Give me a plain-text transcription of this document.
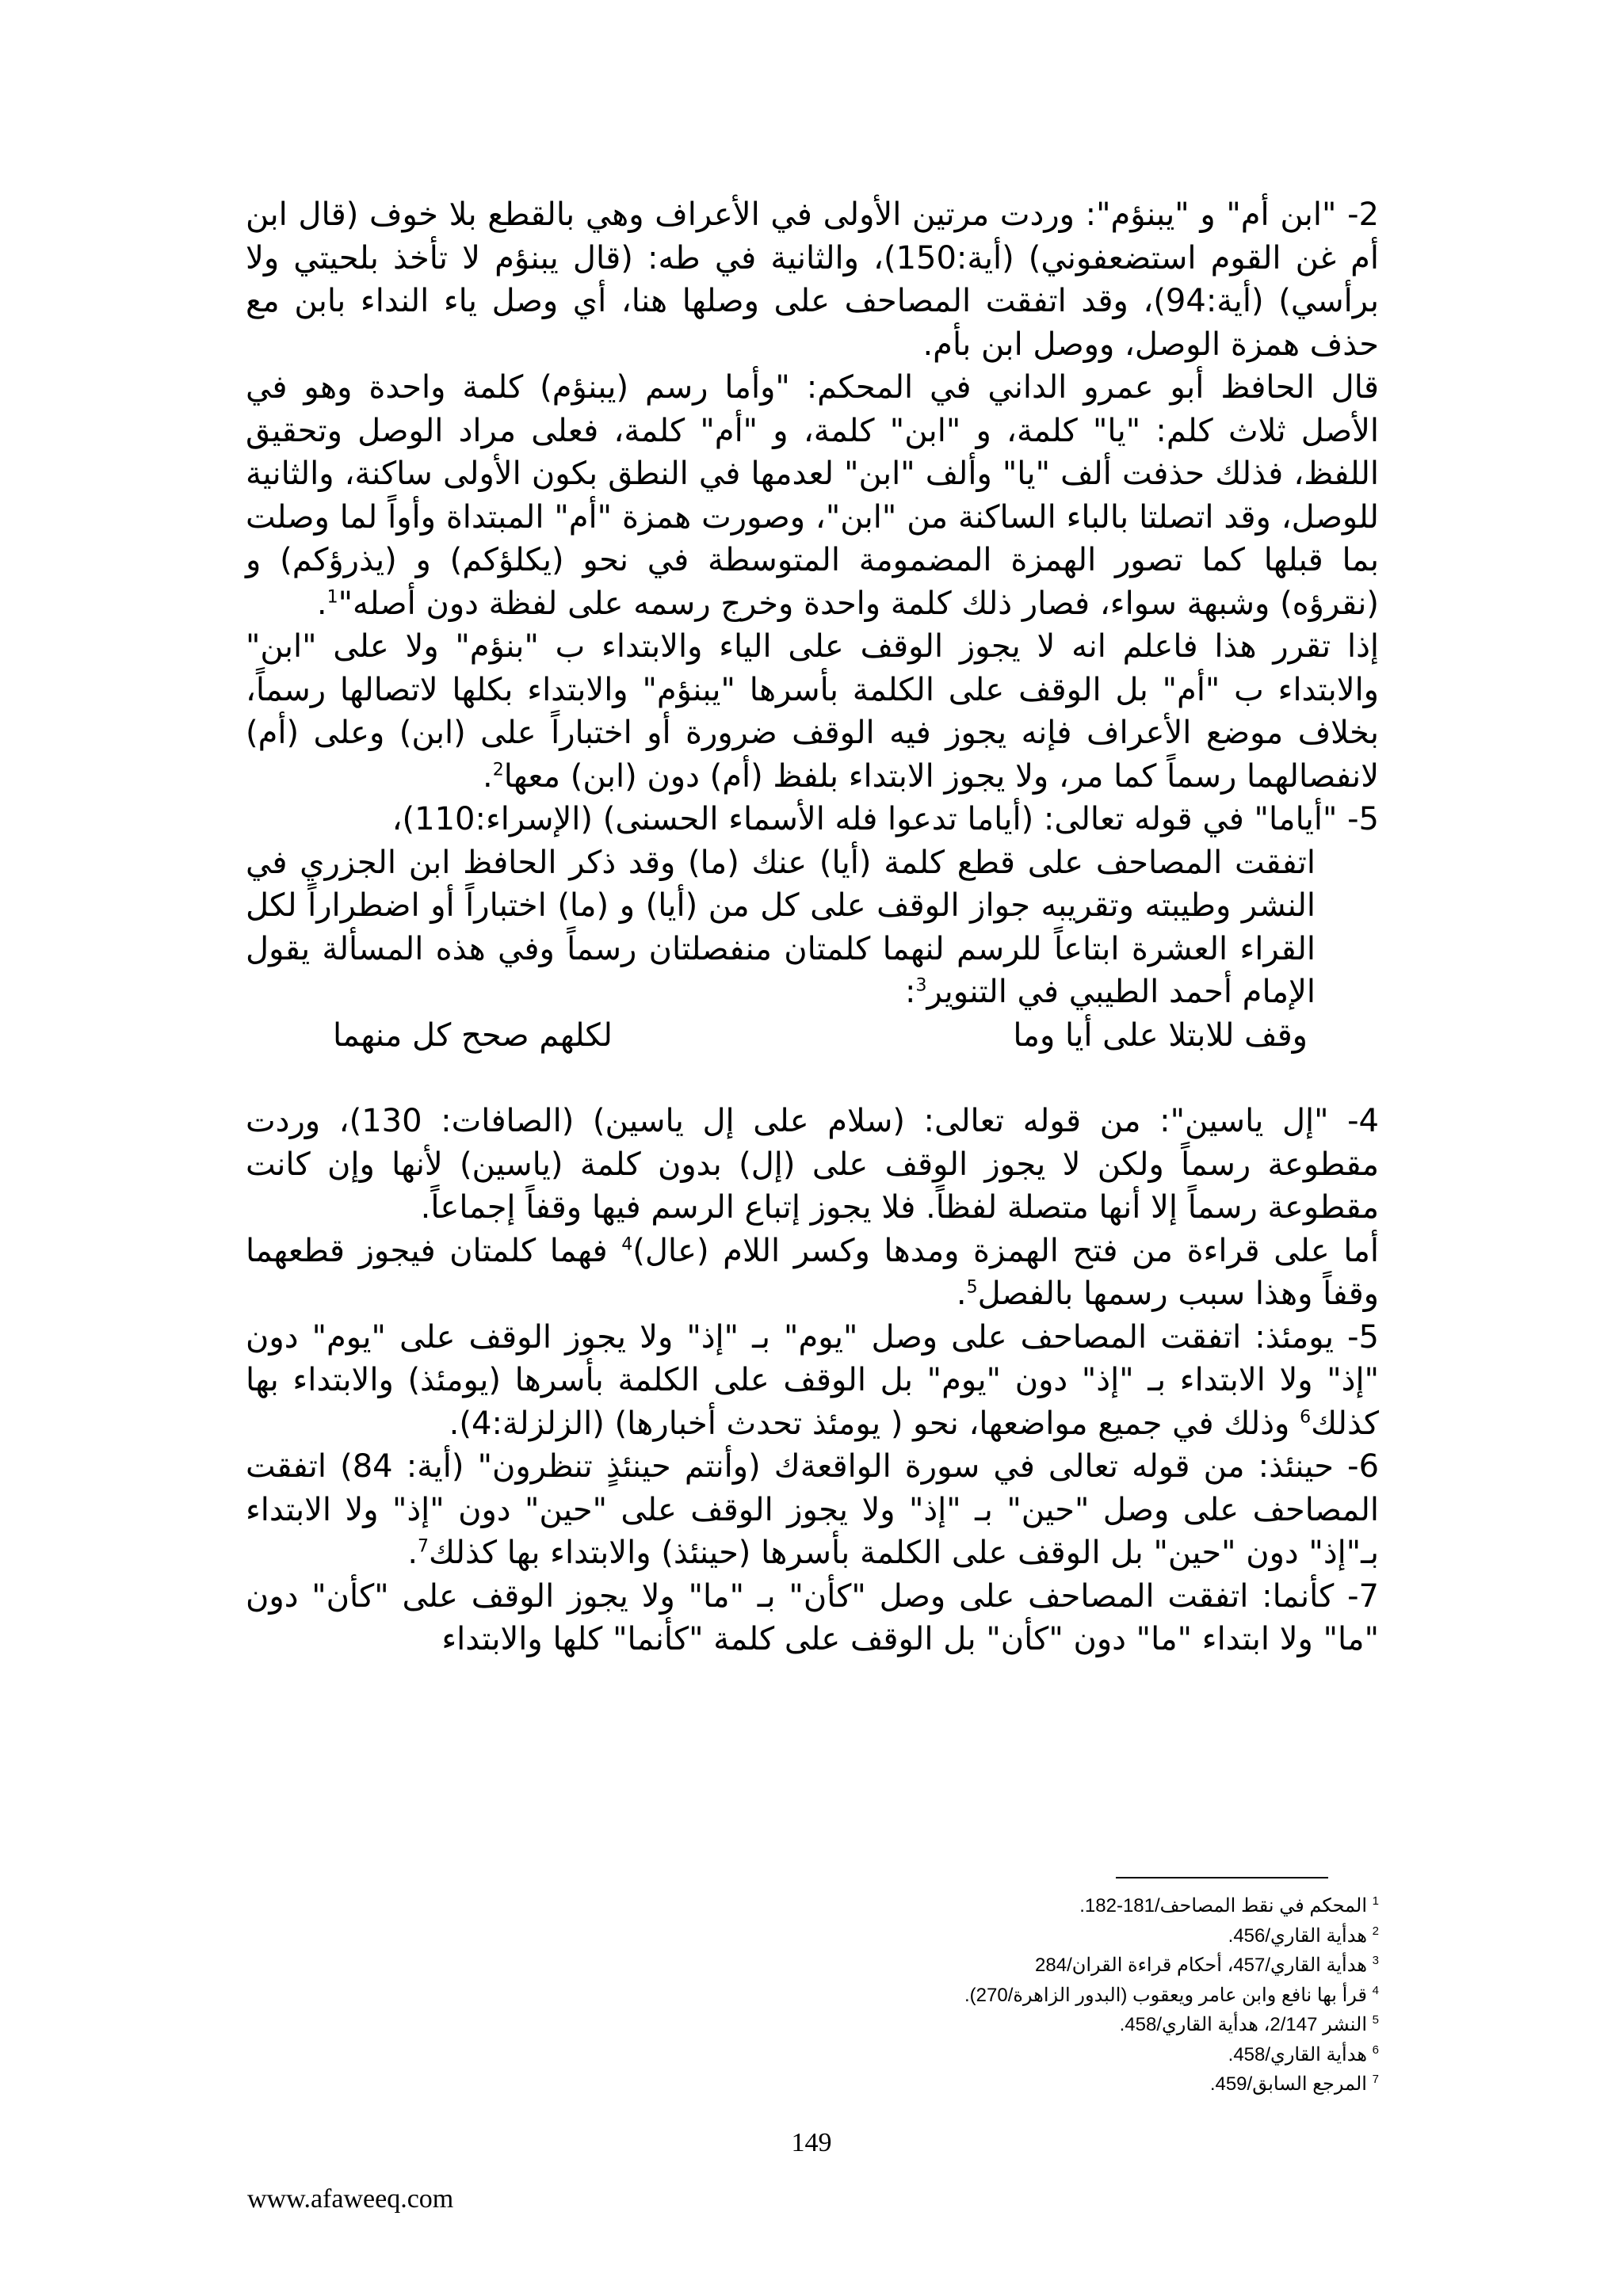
2- "ابن أم" و "يبنؤم": وردت مرتين الأولى في الأعراف وهي بالقطع بلا خوف (قال ابن أم غن القوم استضعفوني) (أية:150)، والثانية في طه: (قال يبنؤم لا تأخذ بلحيتي ولا برأسي) (أية:94)، وقد اتفقت المصاحف على وصلها هنا، أي وصل ياء النداء بابن مع حذف همزة الوصل، ووصل ابن بأم.

قال الحافظ أبو عمرو الداني في المحكم: "وأما رسم (يبنؤم) كلمة واحدة وهو في الأصل ثلاث كلم: "يا" كلمة، و "ابن" كلمة، و "أم" كلمة، فعلى مراد الوصل وتحقيق اللفظ، فذلك حذفت ألف "يا" وألف "ابن" لعدمها في النطق بكون الأولى ساكنة، والثانية للوصل، وقد اتصلتا بالباء الساكنة من "ابن"، وصورت همزة "أم" المبتداة وأواً لما وصلت بما قبلها كما تصور الهمزة المضمومة المتوسطة في نحو (يكلؤكم) و (يذرؤكم) و (نقرؤه) وشبهة سواء، فصار ذلك كلمة واحدة وخرج رسمه على لفظة دون أصله"$^1$.

إذا تقرر هذا فاعلم انه لا يجوز الوقف على الياء والابتداء ب "بنؤم" ولا على "ابن" والابتداء ب "أم" بل الوقف على الكلمة بأسرها "يبنؤم" والابتداء بكلها لاتصالها رسماً، بخلاف موضع الأعراف فإنه يجوز فيه الوقف ضرورة أو اختباراً على (ابن) وعلى (أم) لانفصالهما رسماً كما مر، ولا يجوز الابتداء بلفظ (أم) دون (ابن) معها$^2$.

5- "أياما" في قوله تعالى: (أياما تدعوا فله الأسماء الحسنى) (الإسراء:110)،

اتفقت المصاحف على قطع كلمة (أيا) عنك (ما) وقد ذكر الحافظ ابن الجزري في النشر وطيبته وتقريبه جواز الوقف على كل من (أيا) و (ما) اختباراً أو اضطراراً لكل القراء العشرة ابتاعاً للرسم لنهما كلمتان منفصلتان رسماً وفي هذه المسألة يقول الإمام أحمد الطيبي في التنوير$^3$:

وقف للابتلا على أيا وما
لكلهم صحح كل منهما

4- "إل ياسين": من قوله تعالى: (سلام على إل ياسين) (الصافات: 130)، وردت مقطوعة رسماً ولكن لا يجوز الوقف على (إل) بدون كلمة (ياسين) لأنها وإن كانت مقطوعة رسماً إلا أنها متصلة لفظاً. فلا يجوز إتباع الرسم فيها وقفاً إجماعاً.

أما على قراءة من فتح الهمزة ومدها وكسر اللام (عال)$^4$ فهما كلمتان فيجوز قطعهما وقفاً وهذا سبب رسمها بالفصل$^5$.

5- يومئذ: اتفقت المصاحف على وصل "يوم" بـ "إذ" ولا يجوز الوقف على "يوم" دون "إذ" ولا الابتداء بـ "إذ" دون "يوم" بل الوقف على الكلمة بأسرها (يومئذ) والابتداء بها كذلك$^6$ وذلك في جميع مواضعها، نحو ( يومئذ تحدث أخبارها) (الزلزلة:4).

6- حينئذ: من قوله تعالى في سورة الواقعةك (وأنتم حينئذٍ تنظرون" (أية: 84) اتفقت المصاحف على وصل "حين" بـ "إذ" ولا يجوز الوقف على "حين" دون "إذ" ولا الابتداء بـ"إذ" دون "حين" بل الوقف على الكلمة بأسرها (حينئذ) والابتداء بها كذلك$^7$.

7- كأنما: اتفقت المصاحف على وصل "كأن" بـ "ما" ولا يجوز الوقف على "كأن" دون "ما" ولا ابتداء "ما" دون "كأن" بل الوقف على كلمة "كأنما" كلها والابتداء

$^1$ المحكم في نقط المصاحف/181-182.

$^2$ هدأية القاري/456.

$^3$ هدأية القاري/457، أحكام قراءة القران/284

$^4$ قرأ بها نافع وابن عامر ويعقوب (البدور الزاهرة/270).

$^5$ النشر 2/147، هدأية القاري/458.

$^6$ هدأية القاري/458.

$^7$ المرجع السابق/459.

149
www.afaweeq.com
